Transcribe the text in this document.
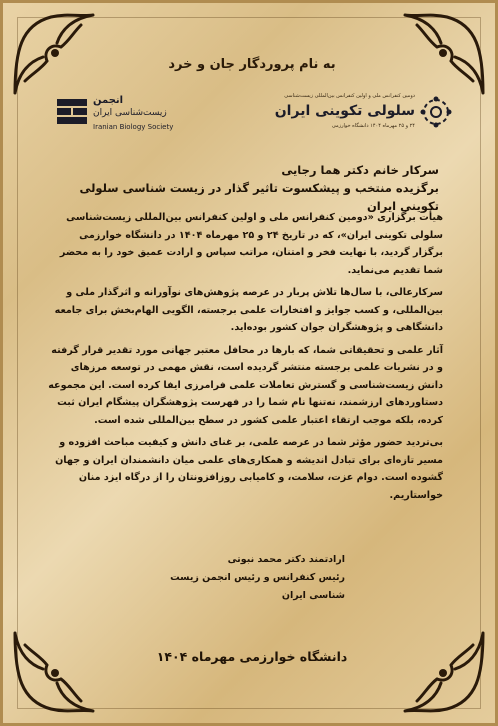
به نام پروردگار جان و خرد
انجمن
زیست‌شناسی ایران
Iranian Biology Society
دومین کنفرانس ملی و اولین کنفرانس بین‌المللی زیست‌شناسی
سلولی تکوینی ایران
۲۴ و ۲۵ مهرماه ۱۴۰۴ دانشگاه خوارزمی
سرکار خانم دکتر هما رجایی
برگزیده منتخب و پیشکسوت تاثیر گذار در زیست شناسی سلولی تکوینی ایران

هیأت برگزاری «دومین کنفرانس ملی و اولین کنفرانس بین‌المللی زیست‌شناسی سلولی تکوینی ایران»، که در تاریخ ۲۴ و ۲۵ مهرماه ۱۴۰۴ در دانشگاه خوارزمی برگزار گردید، با نهایت فخر و امتنان، مراتب سپاس و ارادت عمیق خود را به محضر شما تقدیم می‌نماید.

سرکارعالی، با سال‌ها تلاش پربار در عرصه پژوهش‌های نوآورانه و اثرگذار ملی و بین‌المللی، و کسب جوایز و افتخارات علمی برجسته، الگویی الهام‌بخش برای جامعه دانشگاهی و پژوهشگران جوان کشور بوده‌اید.

آثار علمی و تحقیقاتی شما، که بارها در محافل معتبر جهانی مورد تقدیر قرار گرفته و در نشریات علمی برجسته منتشر گردیده است، نقش مهمی در توسعه مرزهای دانش زیست‌شناسی و گسترش تعاملات علمی فرامرزی ایفا کرده است. این مجموعه دستاوردهای ارزشمند، نه‌تنها نام شما را در فهرست پژوهشگران پیشگام ایران ثبت کرده، بلکه موجب ارتقاء اعتبار علمی کشور در سطح بین‌المللی شده است.

بی‌تردید حضور مؤثر شما در عرصه علمی، بر غنای دانش و کیفیت مباحث افزوده و مسیر تازه‌ای برای تبادل اندیشه و همکاری‌های علمی میان دانشمندان ایران و جهان گشوده است. دوام عزت، سلامت، و کامیابی روزافزونتان را از درگاه ایزد منان خواستاریم.

ارادتمند دکتر محمد نبوتی
رئیس کنفرانس و رئیس انجمن زیست شناسی ایران
دانشگاه خوارزمی مهرماه ۱۴۰۴
